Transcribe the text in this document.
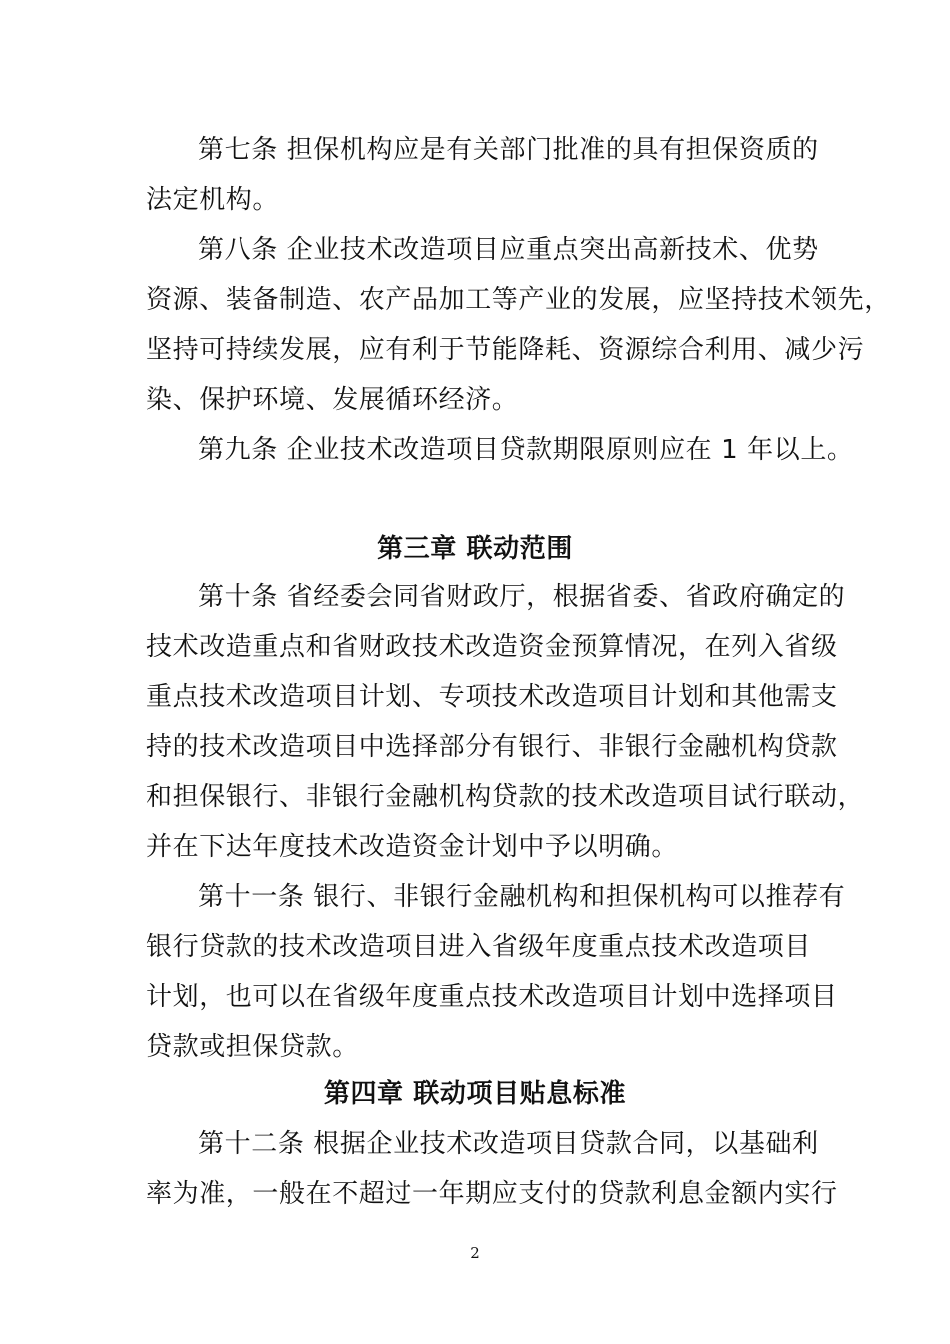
第七条 担保机构应是有关部门批准的具有担保资质的
法定机构。
第八条 企业技术改造项目应重点突出高新技术、优势
资源、装备制造、农产品加工等产业的发展，应坚持技术领先，
坚持可持续发展，应有利于节能降耗、资源综合利用、减少污
染、保护环境、发展循环经济。
第九条 企业技术改造项目贷款期限原则应在 1 年以上。
第三章 联动范围
第十条 省经委会同省财政厅，根据省委、省政府确定的
技术改造重点和省财政技术改造资金预算情况，在列入省级
重点技术改造项目计划、专项技术改造项目计划和其他需支
持的技术改造项目中选择部分有银行、非银行金融机构贷款
和担保银行、非银行金融机构贷款的技术改造项目试行联动，
并在下达年度技术改造资金计划中予以明确。
第十一条 银行、非银行金融机构和担保机构可以推荐有
银行贷款的技术改造项目进入省级年度重点技术改造项目
计划，也可以在省级年度重点技术改造项目计划中选择项目
贷款或担保贷款。
第四章 联动项目贴息标准
第十二条 根据企业技术改造项目贷款合同，以基础利
率为准，一般在不超过一年期应支付的贷款利息金额内实行
2
